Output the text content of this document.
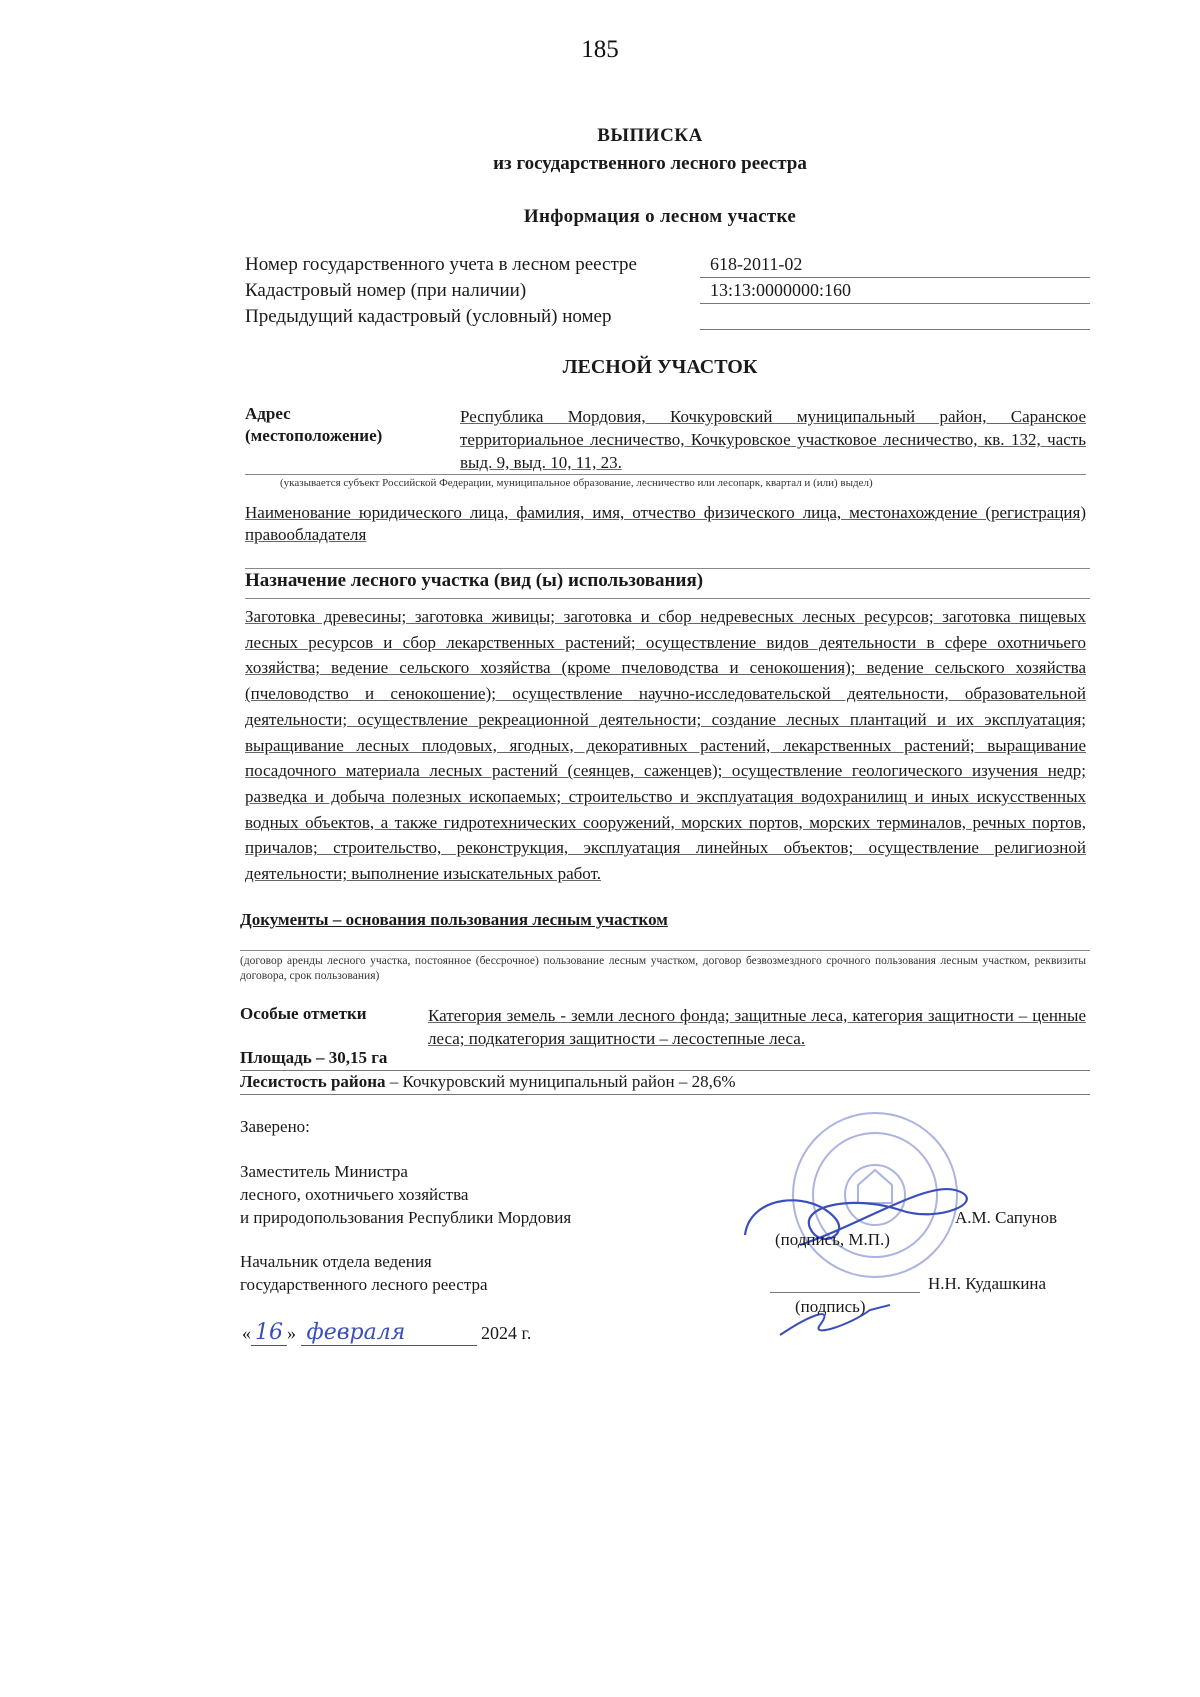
185
ВЫПИСКА
из государственного лесного реестра
Информация о лесном участке
Номер государственного учета в лесном реестре	618-2011-02
Кадастровый номер (при наличии)	13:13:0000000:160
Предыдущий кадастровый (условный) номер
ЛЕСНОЙ УЧАСТОК
Адрес
(местоположение)
Республика Мордовия, Кочкуровский муниципальный район, Саранское территориальное лесничество, Кочкуровское участковое лесничество, кв. 132, часть выд. 9, выд. 10, 11, 23.
(указывается субъект Российской Федерации, муниципальное образование, лесничество или лесопарк, квартал и (или) выдел)
Наименование юридического лица, фамилия, имя, отчество физического лица, местонахождение (регистрация) правообладателя
Назначение лесного участка (вид (ы) использования)
Заготовка древесины; заготовка живицы; заготовка и сбор недревесных лесных ресурсов; заготовка пищевых лесных ресурсов и сбор лекарственных растений; осуществление видов деятельности в сфере охотничьего хозяйства; ведение сельского хозяйства (кроме пчеловодства и сенокошения); ведение сельского хозяйства (пчеловодство и сенокошение); осуществление научно-исследовательской деятельности, образовательной деятельности; осуществление рекреационной деятельности; создание лесных плантаций и их эксплуатация; выращивание лесных плодовых, ягодных, декоративных растений, лекарственных растений; выращивание посадочного материала лесных растений (сеянцев, саженцев); осуществление геологического изучения недр; разведка и добыча полезных ископаемых; строительство и эксплуатация водохранилищ и иных искусственных водных объектов, а также гидротехнических сооружений, морских портов, морских терминалов, речных портов, причалов; строительство, реконструкция, эксплуатация линейных объектов; осуществление религиозной деятельности; выполнение изыскательных работ.
Документы – основания пользования лесным участком
(договор аренды лесного участка, постоянное (бессрочное) пользование лесным участком, договор безвозмездного срочного пользования лесным участком, реквизиты договора, срок пользования)
Особые отметки	Категория земель - земли лесного фонда; защитные леса, категория защитности – ценные леса; подкатегория защитности – лесостепные леса.
Площадь – 30,15 га
Лесистость района – Кочкуровский муниципальный район – 28,6%
Заверено:
Заместитель Министра
лесного, охотничьего хозяйства
и природопользования Республики Мордовия
(подпись, М.П.)
А.М. Сапунов
Начальник отдела ведения
государственного лесного реестра
(подпись)
Н.Н. Кудашкина
« 16 » февраля	2024 г.
